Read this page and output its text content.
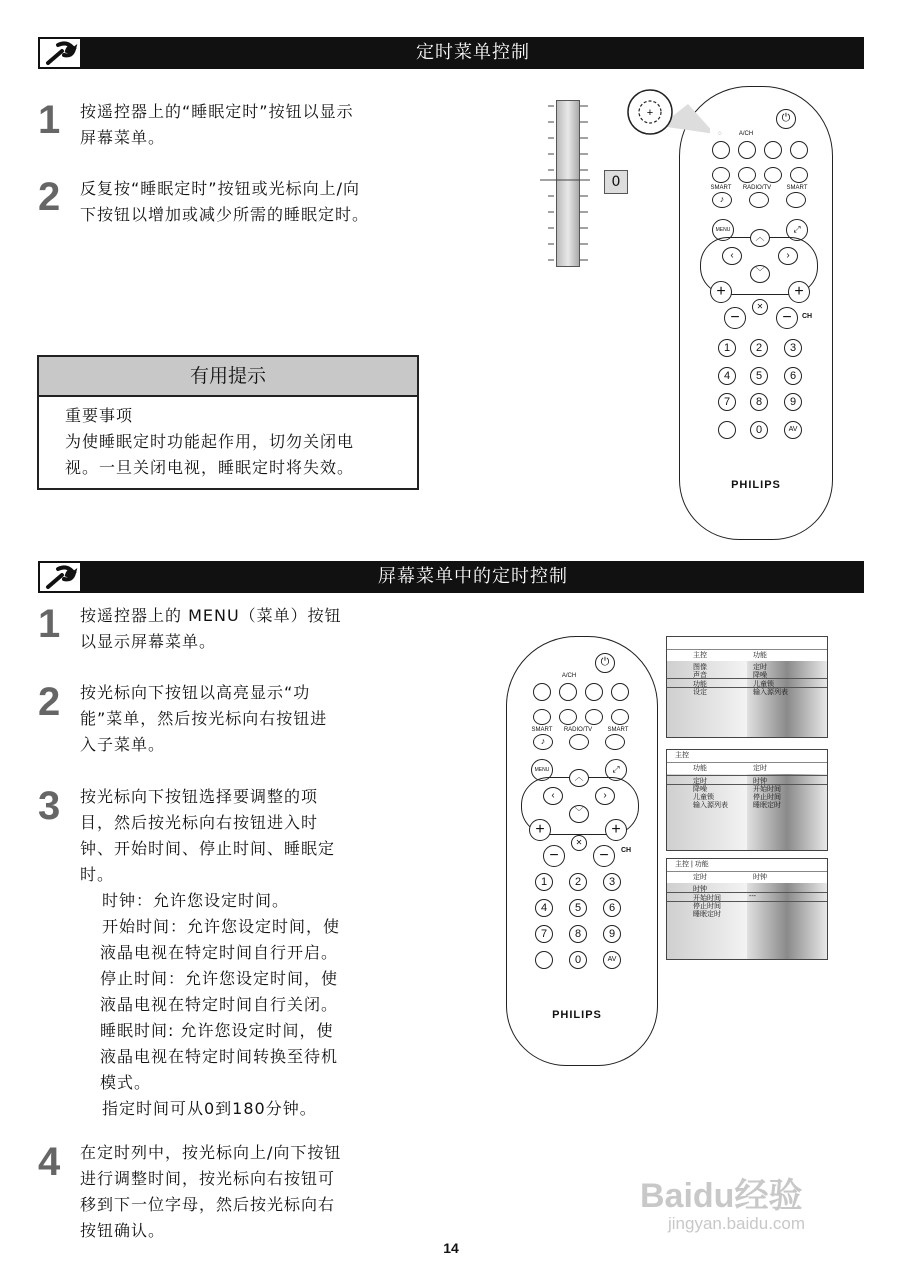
定时菜单控制
1 按遥控器上的“睡眠定时”按钮以显示
屏幕菜单。
2 反复按“睡眠定时”按钮或光标向上/向
下按钮以增加或减少所需的睡眠定时。
0
⏻
◌	A/CH
SMART	RADIO/TV	SMART
♪
MENU	⤢
︿
‹	›
﹀
+	+
−
✕
−	CH
1	2	3
4	5	6
7	8	9
0	AV
PHILIPS
+
有用提示
重要事项
为使睡眠定时功能起作用，切勿关闭电
视。一旦关闭电视，睡眠定时将失效。
屏幕菜单中的定时控制
1 按遥控器上的 MENU（菜单）按钮
以显示屏幕菜单。
2 按光标向下按钮以高亮显示“功
能”菜单，然后按光标向右按钮进
入子菜单。
3 按光标向下按钮选择要调整的项
目，然后按光标向右按钮进入时
钟、开始时间、停止时间、睡眠定
时。
时钟：允许您设定时间。
开始时间：允许您设定时间，使
液晶电视在特定时间自行开启。
停止时间：允许您设定时间，使
液晶电视在特定时间自行关闭。
睡眠时间: 允许您设定时间，使
液晶电视在特定时间转换至待机
模式。
指定时间可从0到180分钟。
4 在定时列中，按光标向上/向下按钮
进行调整时间，按光标向右按钮可
移到下一位字母，然后按光标向右
按钮确认。
⏻
A/CH
SMART	RADIO/TV	SMART
♪
MENU	⤢
︿
‹	›
﹀
+	+
−
✕
−	CH
1	2	3
4	5	6
7	8	9
0	AV
PHILIPS
主控	功能
图像	定时
声音	降噪
功能	儿童锁
设定	输入源列表
主控
功能	定时
定时	时钟
降噪	开始时间
儿童锁	停止时间
输入源列表	睡眠定时
主控 | 功能
定时	时钟
时钟
开始时间	---
停止时间
睡眠定时
14
Baidu经验
jingyan.baidu.com
